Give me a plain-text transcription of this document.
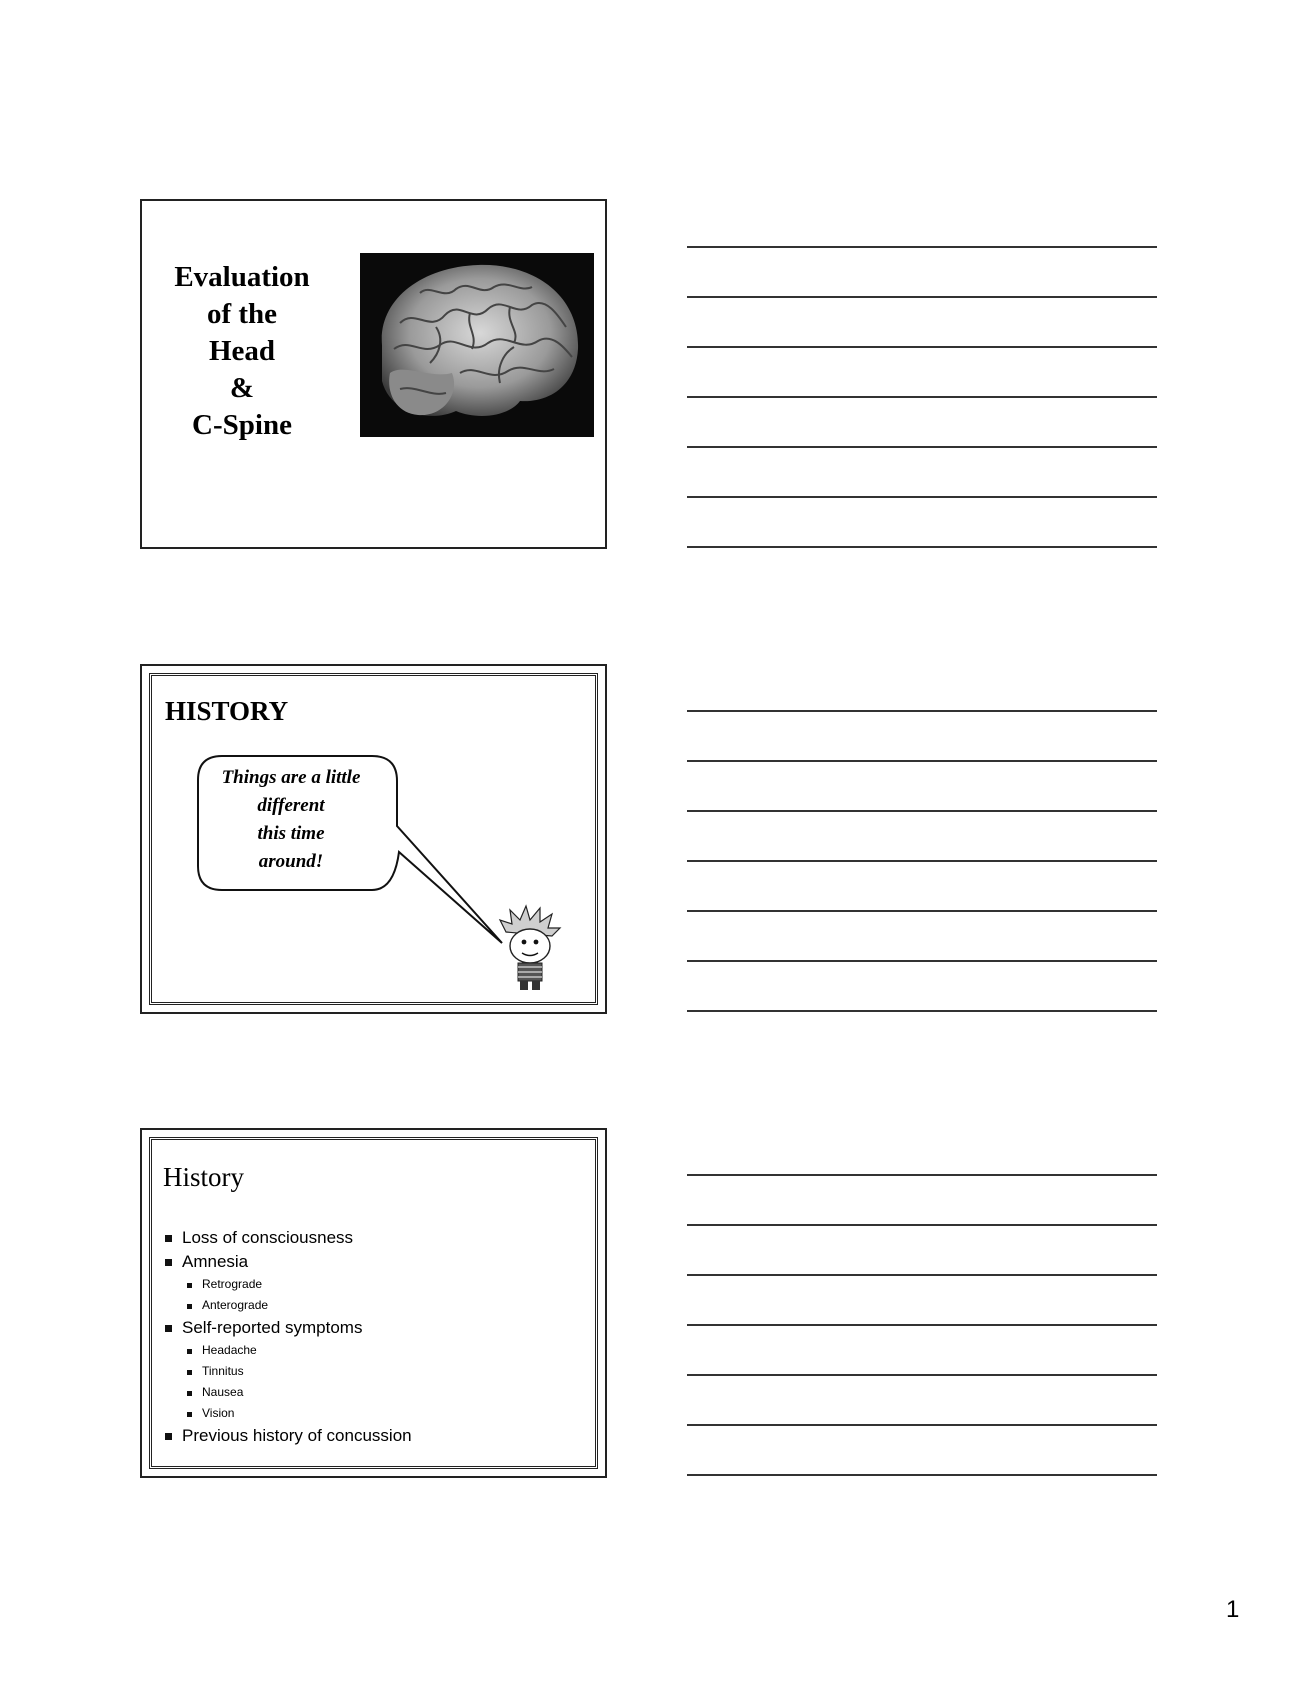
Evaluation
of the
Head
&
C-Spine
HISTORY
Things are a little
different
this time
around!
History
Loss of consciousness
Amnesia
Retrograde
Anterograde
Self-reported symptoms
Headache
Tinnitus
Nausea
Vision
Previous history of concussion
1
